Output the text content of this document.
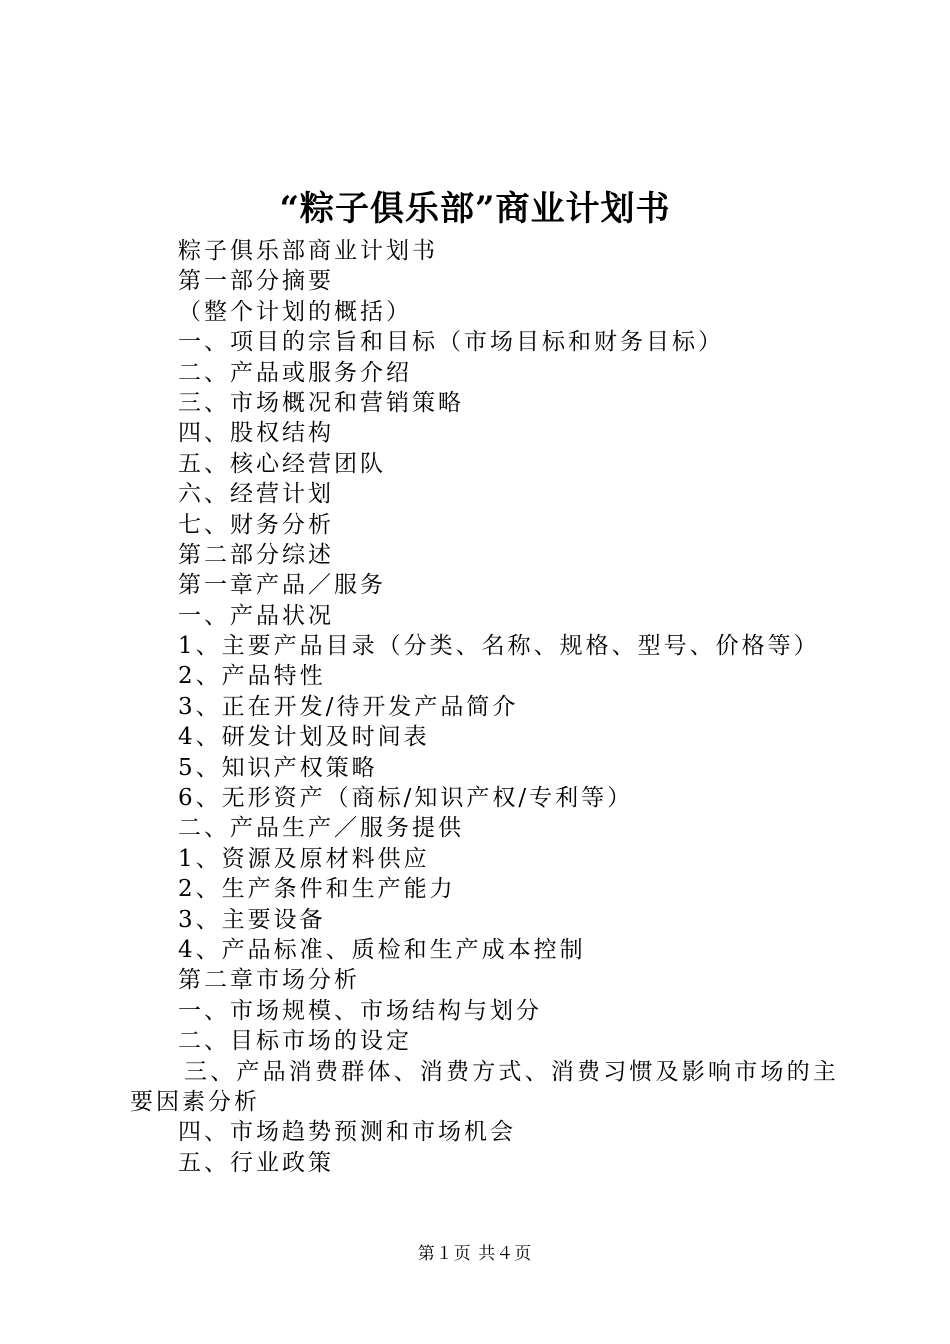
“粽子俱乐部”商业计划书
粽子俱乐部商业计划书
第一部分摘要
（整个计划的概括）
一、项目的宗旨和目标（市场目标和财务目标）
二、产品或服务介绍
三、市场概况和营销策略
四、股权结构
五、核心经营团队
六、经营计划
七、财务分析
第二部分综述
第一章产品／服务
一、产品状况
1、主要产品目录（分类、名称、规格、型号、价格等）
2、产品特性
3、正在开发/待开发产品简介
4、研发计划及时间表
5、知识产权策略
6、无形资产（商标/知识产权/专利等）
二、产品生产／服务提供
1、资源及原材料供应
2、生产条件和生产能力
3、主要设备
4、产品标准、质检和生产成本控制
第二章市场分析
一、市场规模、市场结构与划分
二、目标市场的设定
三、产品消费群体、消费方式、消费习惯及影响市场的主
要因素分析
四、市场趋势预测和市场机会
五、行业政策
第１页 共４页
